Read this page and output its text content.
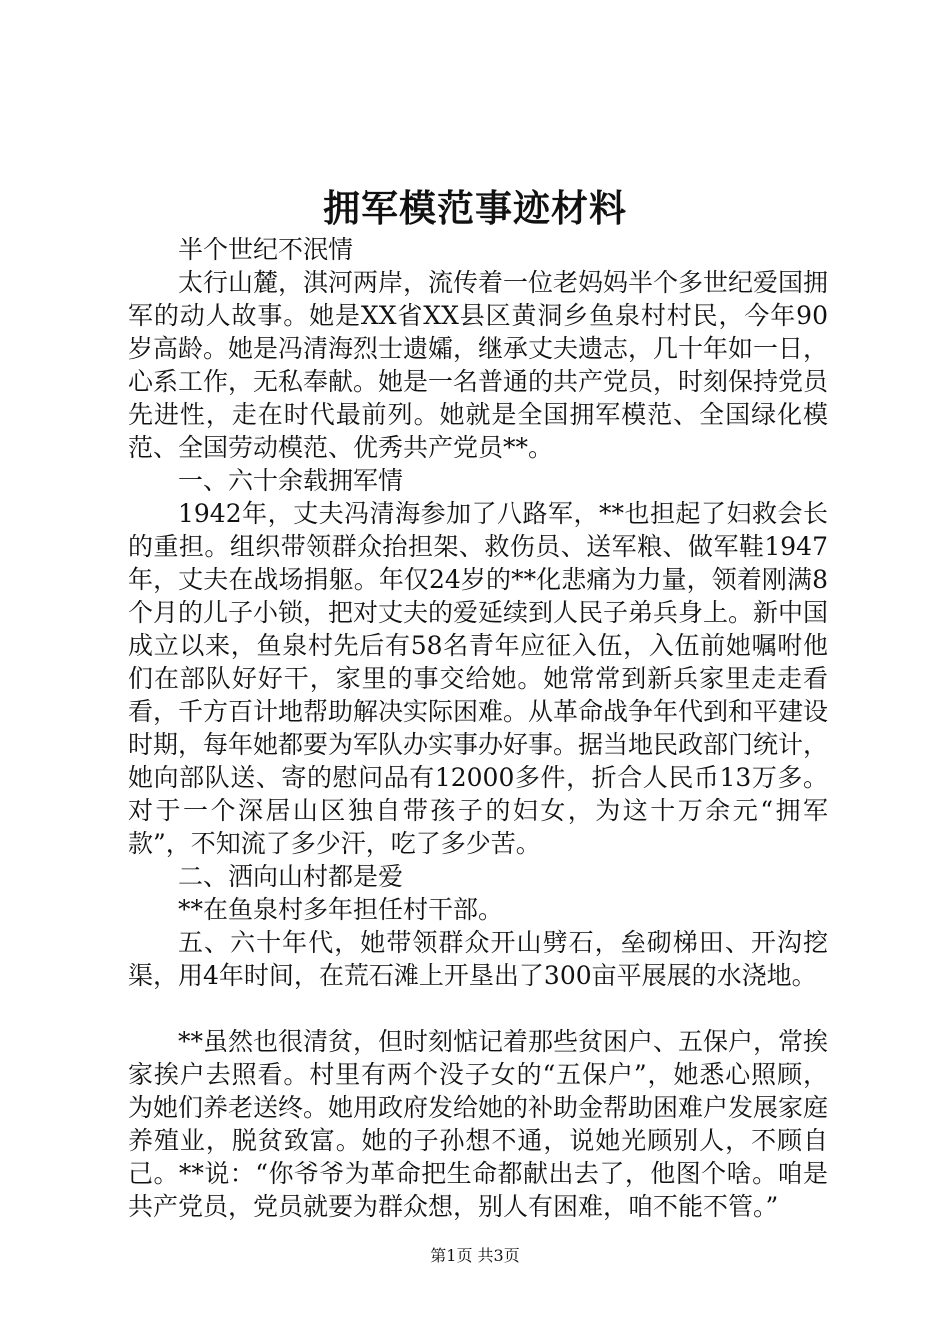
拥军模范事迹材料

半个世纪不泯情

太行山麓，淇河两岸，流传着一位老妈妈半个多世纪爱国拥军的动人故事。她是XX省XX县区黄洞乡鱼泉村村民，今年90岁高龄。她是冯清海烈士遗孀，继承丈夫遗志，几十年如一日，心系工作，无私奉献。她是一名普通的共产党员，时刻保持党员先进性，走在时代最前列。她就是全国拥军模范、全国绿化模范、全国劳动模范、优秀共产党员**。

一、六十余载拥军情

1942年，丈夫冯清海参加了八路军，**也担起了妇救会长的重担。组织带领群众抬担架、救伤员、送军粮、做军鞋1947年，丈夫在战场捐躯。年仅24岁的**化悲痛为力量，领着刚满8个月的儿子小锁，把对丈夫的爱延续到人民子弟兵身上。新中国成立以来，鱼泉村先后有58名青年应征入伍，入伍前她嘱咐他们在部队好好干，家里的事交给她。她常常到新兵家里走走看看，千方百计地帮助解决实际困难。从革命战争年代到和平建设时期，每年她都要为军队办实事办好事。据当地民政部门统计，她向部队送、寄的慰问品有12000多件，折合人民币13万多。对于一个深居山区独自带孩子的妇女，为这十万余元“拥军款”，不知流了多少汗，吃了多少苦。

二、洒向山村都是爱

**在鱼泉村多年担任村干部。

五、六十年代，她带领群众开山劈石，垒砌梯田、开沟挖渠，用4年时间，在荒石滩上开垦出了300亩平展展的水浇地。

**虽然也很清贫，但时刻惦记着那些贫困户、五保户，常挨家挨户去照看。村里有两个没子女的“五保户”，她悉心照顾，为她们养老送终。她用政府发给她的补助金帮助困难户发展家庭养殖业，脱贫致富。她的子孙想不通，说她光顾别人，不顾自己。**说：“你爷爷为革命把生命都献出去了，他图个啥。咱是共产党员，党员就要为群众想，别人有困难，咱不能不管。”

第1页 共3页
